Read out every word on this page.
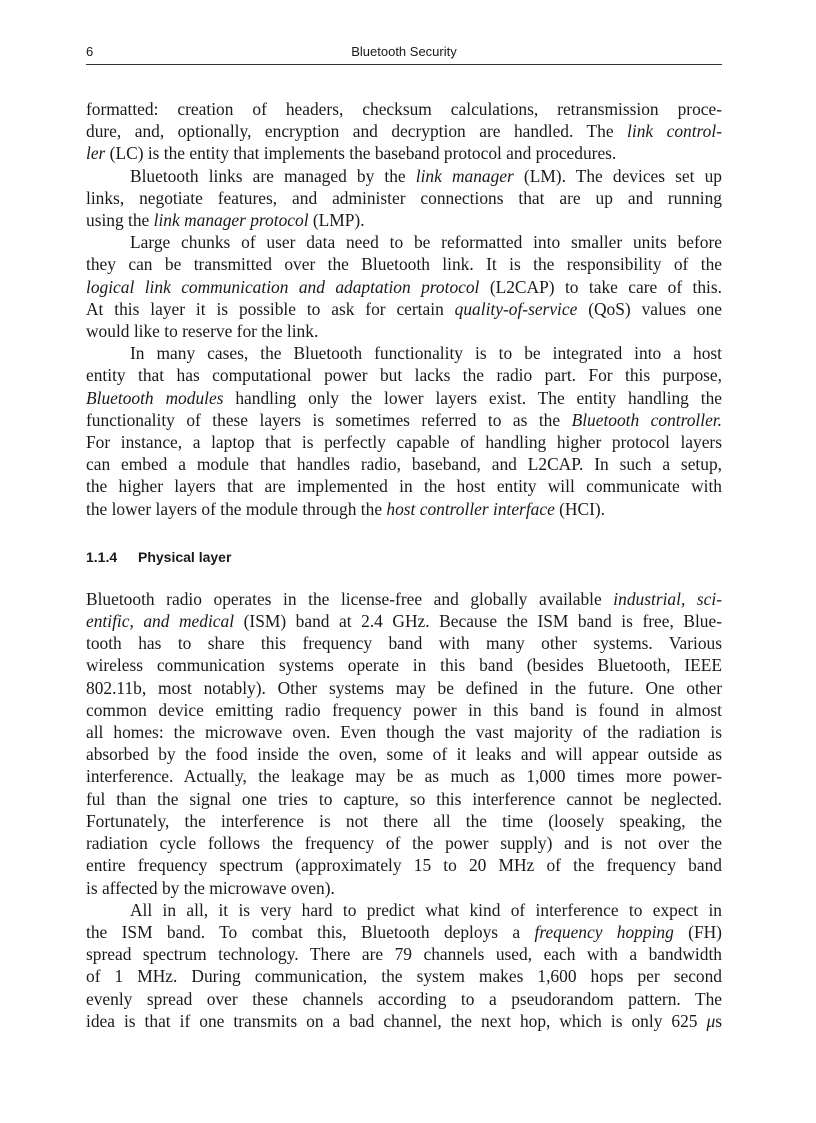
6	Bluetooth Security
formatted: creation of headers, checksum calculations, retransmission proce-
dure, and, optionally, encryption and decryption are handled. The link control-
ler (LC) is the entity that implements the baseband protocol and procedures.
Bluetooth links are managed by the link manager (LM). The devices set up
links, negotiate features, and administer connections that are up and running
using the link manager protocol (LMP).
Large chunks of user data need to be reformatted into smaller units before
they can be transmitted over the Bluetooth link. It is the responsibility of the
logical link communication and adaptation protocol (L2CAP) to take care of this.
At this layer it is possible to ask for certain quality-of-service (QoS) values one
would like to reserve for the link.
In many cases, the Bluetooth functionality is to be integrated into a host
entity that has computational power but lacks the radio part. For this purpose,
Bluetooth modules handling only the lower layers exist. The entity handling the
functionality of these layers is sometimes referred to as the Bluetooth controller.
For instance, a laptop that is perfectly capable of handling higher protocol layers
can embed a module that handles radio, baseband, and L2CAP. In such a setup,
the higher layers that are implemented in the host entity will communicate with
the lower layers of the module through the host controller interface (HCI).
1.1.4 Physical layer
Bluetooth radio operates in the license-free and globally available industrial, sci-
entific, and medical (ISM) band at 2.4 GHz. Because the ISM band is free, Blue-
tooth has to share this frequency band with many other systems. Various
wireless communication systems operate in this band (besides Bluetooth, IEEE
802.11b, most notably). Other systems may be defined in the future. One other
common device emitting radio frequency power in this band is found in almost
all homes: the microwave oven. Even though the vast majority of the radiation is
absorbed by the food inside the oven, some of it leaks and will appear outside as
interference. Actually, the leakage may be as much as 1,000 times more power-
ful than the signal one tries to capture, so this interference cannot be neglected.
Fortunately, the interference is not there all the time (loosely speaking, the
radiation cycle follows the frequency of the power supply) and is not over the
entire frequency spectrum (approximately 15 to 20 MHz of the frequency band
is affected by the microwave oven).
All in all, it is very hard to predict what kind of interference to expect in
the ISM band. To combat this, Bluetooth deploys a frequency hopping (FH)
spread spectrum technology. There are 79 channels used, each with a bandwidth
of 1 MHz. During communication, the system makes 1,600 hops per second
evenly spread over these channels according to a pseudorandom pattern. The
idea is that if one transmits on a bad channel, the next hop, which is only 625 μs
